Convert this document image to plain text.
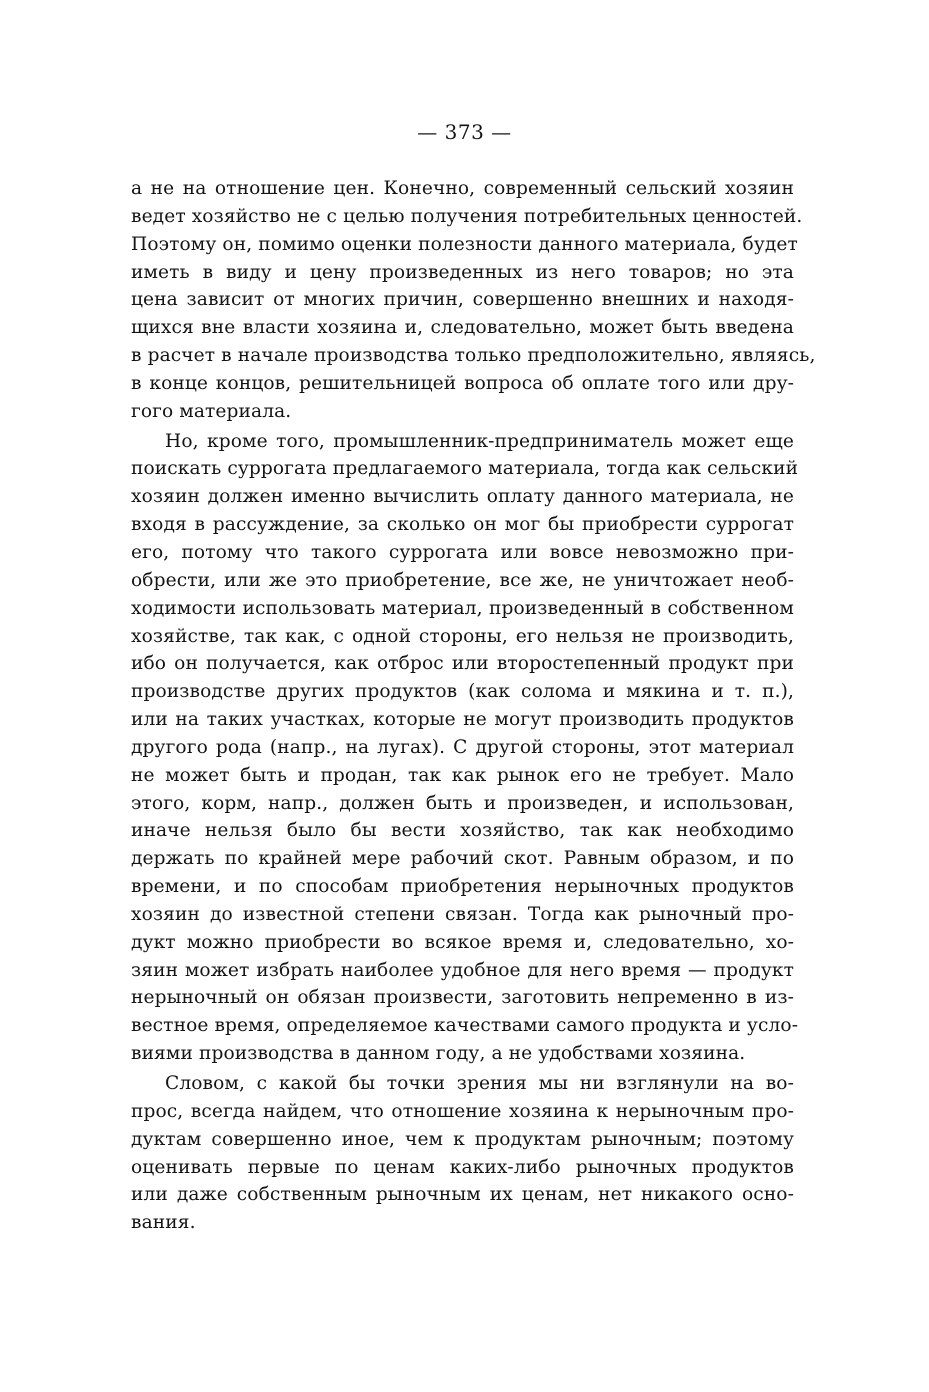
— 373 —

а не на отношение цен. Конечно, современный сельский хозяин
ведет хозяйство не с целью получения потребительных ценностей.
Поэтому он, помимо оценки полезности данного материала, будет
иметь в виду и цену произведенных из него товаров; но эта
цена зависит от многих причин, совершенно внешних и находя-
щихся вне власти хозяина и, следовательно, может быть введена
в расчет в начале производства только предположительно, являясь,
в конце концов, решительницей вопроса об оплате того или дру-
гого материала.

Но, кроме того, промышленник-предприниматель может еще
поискать суррогата предлагаемого материала, тогда как сельский
хозяин должен именно вычислить оплату данного материала, не
входя в рассуждение, за сколько он мог бы приобрести суррогат
его, потому что такого суррогата или вовсе невозможно при-
обрести, или же это приобретение, все же, не уничтожает необ-
ходимости использовать материал, произведенный в собственном
хозяйстве, так как, с одной стороны, его нельзя не производить,
ибо он получается, как отброс или второстепенный продукт при
производстве других продуктов (как солома и мякина и т. п.),
или на таких участках, которые не могут производить продуктов
другого рода (напр., на лугах). С другой стороны, этот материал
не может быть и продан, так как рынок его не требует. Мало
этого, корм, напр., должен быть и произведен, и использован,
иначе нельзя было бы вести хозяйство, так как необходимо
держать по крайней мере рабочий скот. Равным образом, и по
времени, и по способам приобретения нерыночных продуктов
хозяин до известной степени связан. Тогда как рыночный про-
дукт можно приобрести во всякое время и, следовательно, хо-
зяин может избрать наиболее удобное для него время — продукт
нерыночный он обязан произвести, заготовить непременно в из-
вестное время, определяемое качествами самого продукта и усло-
виями производства в данном году, а не удобствами хозяина.

Словом, с какой бы точки зрения мы ни взглянули на во-
прос, всегда найдем, что отношение хозяина к нерыночным про-
дуктам совершенно иное, чем к продуктам рыночным; поэтому
оценивать первые по ценам каких-либо рыночных продуктов
или даже собственным рыночным их ценам, нет никакого осно-
вания.
